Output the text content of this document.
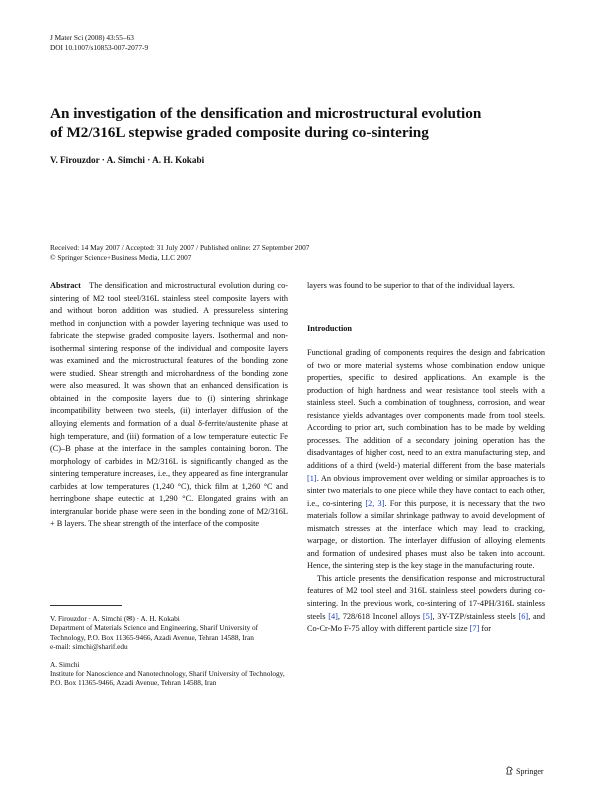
J Mater Sci (2008) 43:55–63
DOI 10.1007/s10853-007-2077-9
An investigation of the densification and microstructural evolution
of M2/316L stepwise graded composite during co-sintering
V. Firouzdor · A. Simchi · A. H. Kokabi
Received: 14 May 2007 / Accepted: 31 July 2007 / Published online: 27 September 2007
© Springer Science+Business Media, LLC 2007

Abstract The densification and microstructural evolution during co-sintering of M2 tool steel/316L stainless steel composite layers with and without boron addition was studied. A pressureless sintering method in conjunction with a powder layering technique was used to fabricate the stepwise graded composite layers. Isothermal and non-isothermal sintering response of the individual and composite layers was examined and the microstructural features of the bonding zone were studied. Shear strength and microhardness of the bonding zone were also measured. It was shown that an enhanced densification is obtained in the composite layers due to (i) sintering shrinkage incompatibility between two steels, (ii) interlayer diffusion of the alloying elements and formation of a dual δ-ferrite/austenite phase at high temperature, and (iii) formation of a low temperature eutectic Fe (C)–B phase at the interface in the samples containing boron. The morphology of carbides in M2/316L is significantly changed as the sintering temperature increases, i.e., they appeared as fine intergranular carbides at low temperatures (1,240 °C), thick film at 1,260 °C and herringbone shape eutectic at 1,290 °C. Elongated grains with an intergranular boride phase were seen in the bonding zone of M2/316L + B layers. The shear strength of the interface of the composite

layers was found to be superior to that of the individual layers.

Introduction

Functional grading of components requires the design and fabrication of two or more material systems whose combination endow unique properties, specific to desired applications. An example is the production of high hardness and wear resistance tool steels with a stainless steel. Such a combination of toughness, corrosion, and wear resistance yields advantages over components made from tool steels. According to prior art, such combination has to be made by welding processes. The addition of a secondary joining operation has the disadvantages of higher cost, need to an extra manufacturing step, and additions of a third (weld-) material different from the base materials [1]. An obvious improvement over welding or similar approaches is to sinter two materials to one piece while they have contact to each other, i.e., co-sintering [2, 3]. For this purpose, it is necessary that the two materials follow a similar shrinkage pathway to avoid development of mismatch stresses at the interface which may lead to cracking, warpage, or distortion. The interlayer diffusion of alloying elements and formation of undesired phases must also be taken into account. Hence, the sintering step is the key stage in the manufacturing route.

This article presents the densification response and microstructural features of M2 tool steel and 316L stainless steel powders during co-sintering. In the previous work, co-sintering of 17-4PH/316L stainless steels [4], 728/618 Inconel alloys [5], 3Y-TZP/stainless steels [6], and Co-Cr-Mo F-75 alloy with different particle size [7] for

V. Firouzdor · A. Simchi (✉) · A. H. Kokabi
Department of Materials Science and Engineering, Sharif University of Technology, P.O. Box 11365-9466, Azadi Avenue, Tehran 14588, Iran
e-mail: simchi@sharif.edu

A. Simchi
Institute for Nanoscience and Nanotechnology, Sharif University of Technology, P.O. Box 11365-9466, Azadi Avenue, Tehran 14588, Iran

Springer
